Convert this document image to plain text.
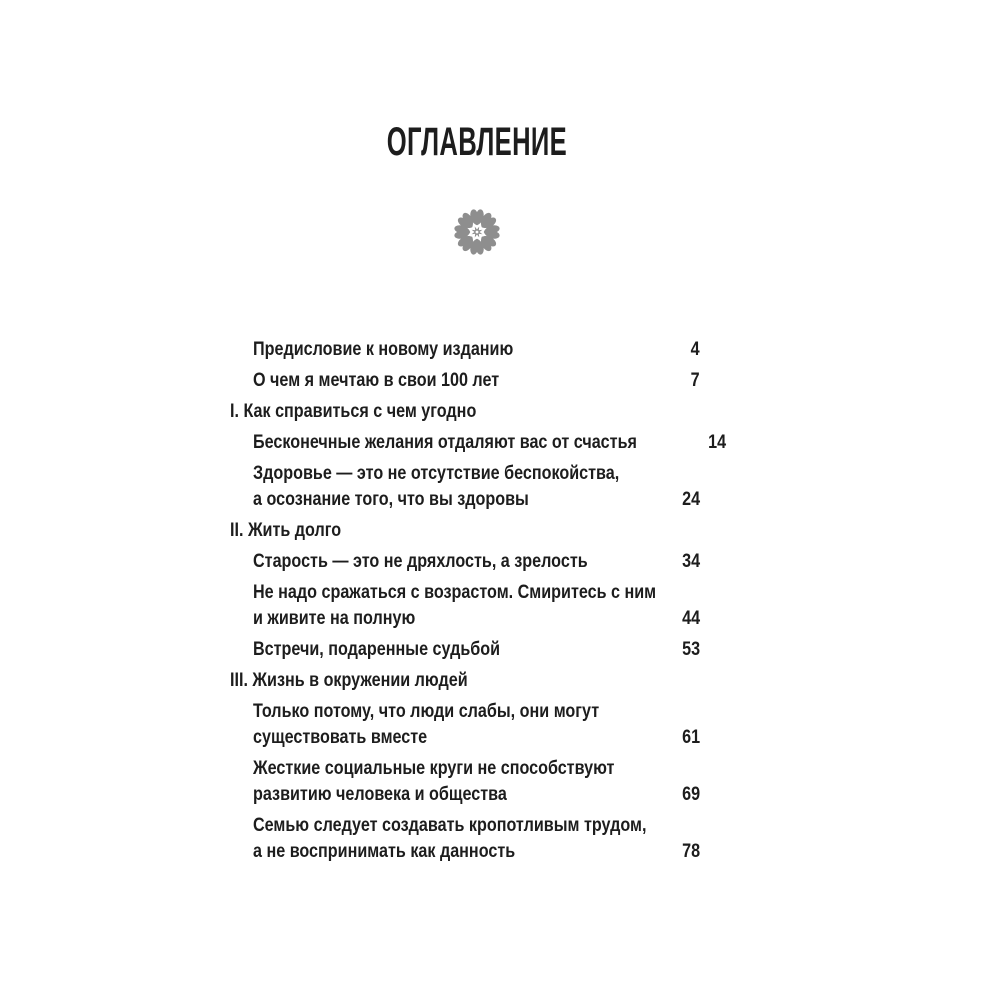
ОГЛАВЛЕНИЕ
Предисловие к новому изданию	4
О чем я мечтаю в свои 100 лет	7
I. Как справиться с чем угодно
Бесконечные желания отдаляют вас от счастья	14
Здоровье — это не отсутствие беспокойства,
а осознание того, что вы здоровы	24
II. Жить долго
Старость — это не дряхлость, а зрелость	34
Не надо сражаться с возрастом. Смиритесь с ним
и живите на полную	44
Встречи, подаренные судьбой	53
III. Жизнь в окружении людей
Только потому, что люди слабы, они могут
существовать вместе	61
Жесткие социальные круги не способствуют
развитию человека и общества	69
Семью следует создавать кропотливым трудом,
а не воспринимать как данность	78
